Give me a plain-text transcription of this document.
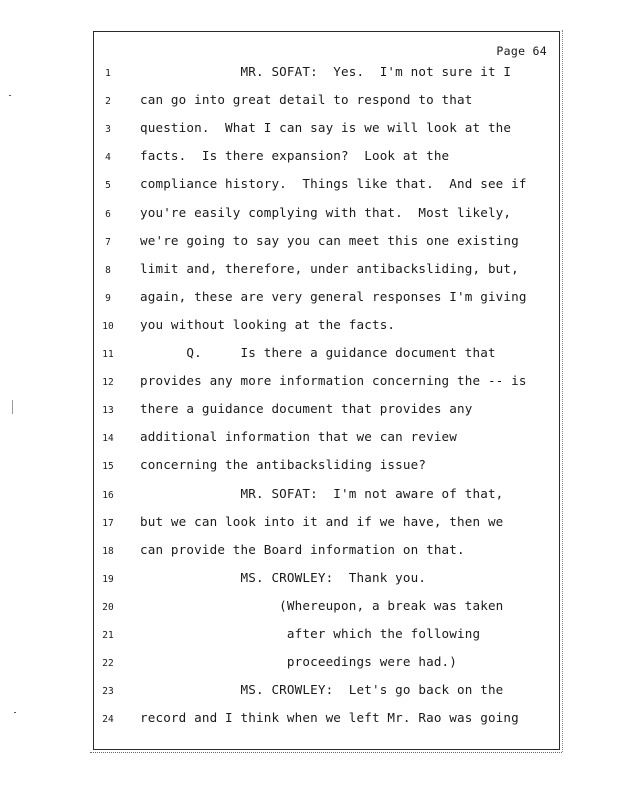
Page 64
1	MR. SOFAT:  Yes.  I'm not sure it I
2	can go into great detail to respond to that
3	question.  What I can say is we will look at the
4	facts.  Is there expansion?  Look at the
5	compliance history.  Things like that.  And see if
6	you're easily complying with that.  Most likely,
7	we're going to say you can meet this one existing
8	limit and, therefore, under antibacksliding, but,
9	again, these are very general responses I'm giving
10	you without looking at the facts.
11	Q.     Is there a guidance document that
12	provides any more information concerning the -- is
13	there a guidance document that provides any
14	additional information that we can review
15	concerning the antibacksliding issue?
16	MR. SOFAT:  I'm not aware of that,
17	but we can look into it and if we have, then we
18	can provide the Board information on that.
19	MS. CROWLEY:  Thank you.
20	(Whereupon, a break was taken
21	after which the following
22	proceedings were had.)
23	MS. CROWLEY:  Let's go back on the
24	record and I think when we left Mr. Rao was going
